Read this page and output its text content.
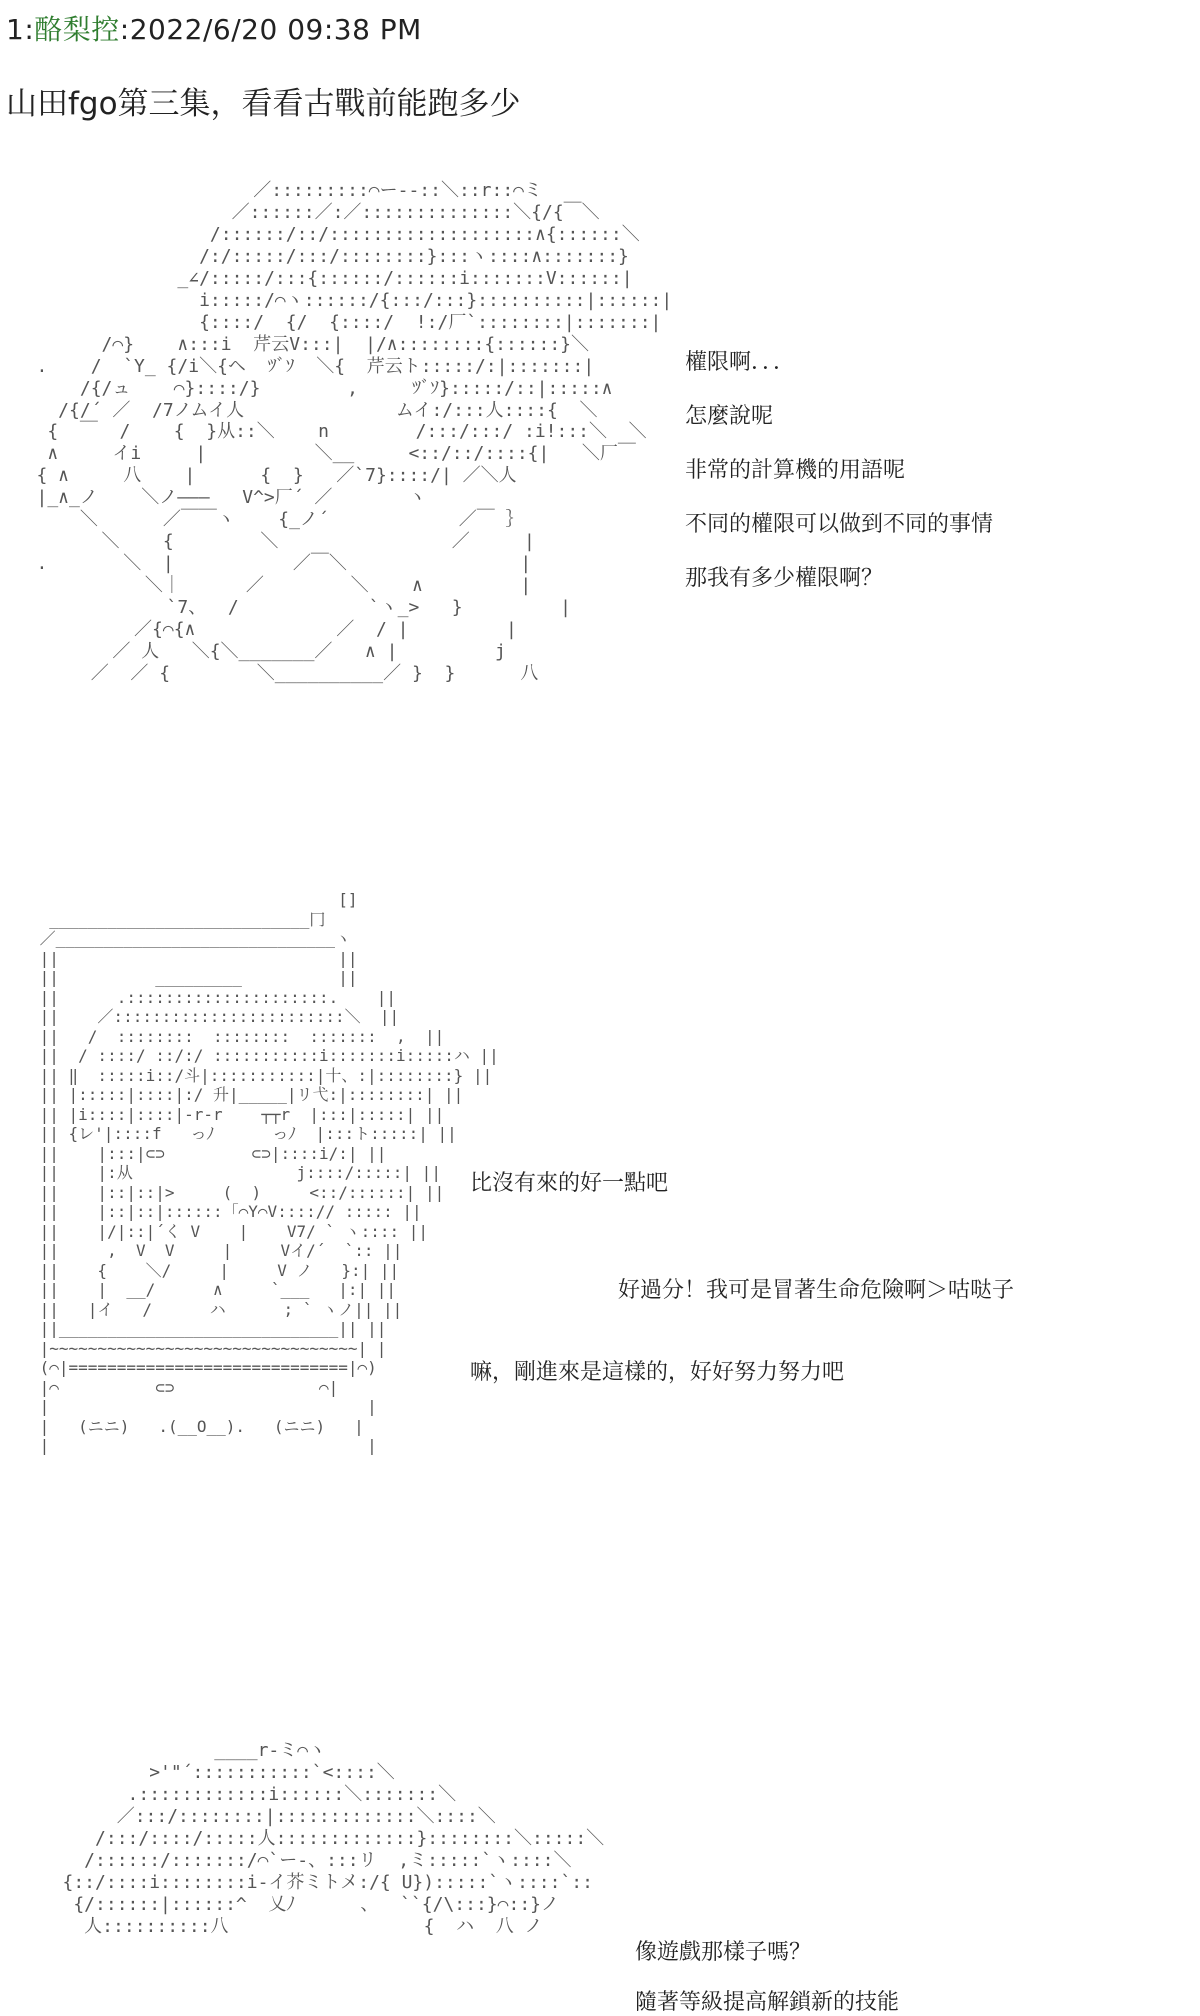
1:酪梨控:2022/6/20 09:38 PM
山田fgo第三集，看看古戰前能跑多少
／:::::::::⌒ー--::＼::r::⌒ミ
／::::::／:／::::::::::::::＼{/{￣＼
/::::::/::/:::::::::::::::::::∧{::::::＼
/:/:::::/:::/::::::::}:::ヽ::::∧:::::::}
_∠/:::::/:::{::::::/::::::i:::::::V::::::|
i:::::/⌒ヽ::::::/{:::/:::}::::::::::|::::::|
{::::/  {/  {::::/  !:/厂`::::::::|:::::::|
/⌒}    ∧:::i  芹云V:::|  |/∧::::::::{::::::}＼
.    /  `Y_ {/i＼{ヘ  ﾂﾞｿ  ＼{  芹云ト:::::/:|:::::::|
/{/ュ    ⌒}::::/}        ,     ﾂﾞｿ}:::::/::|:::::∧
/{/´ ／  /7ノムイ人              ムイ:/:::人::::{  ＼
{  ￣  /    {  }从::＼    n        /:::/:::/ :i!:::＼  ＼
∧     イi     |          ＼__     <::/::/::::{|   ＼厂￣
{ ∧     八    |      {  }   ／`7}::::/| ／＼人
|_∧_ノ    ＼ノ―――   V^>厂´ ／       ヽ
＼      ／￣￣ヽ    {_ノ´            ／￣ ｝
＼    {        ＼                ／     |
.       ＼  |           ／￣＼                |
＼｜      ／        ＼    ∧         |
`7、  /            `ヽ_>   }         |
／{⌒{∧             ／  / |         |
／ 人   ＼{＼_______／   ∧ |         j
／  ／ {        ＼__________／ }  }      八

權限啊．．．
怎麼說呢
非常的計算機的用語呢
不同的權限可以做到不同的事情
那我有多少權限啊？
[]
___________________________冂
／_____________________________ヽ
||                             ||
||          _________          ||
||      .:::::::::::::::::::::.    ||
||    ／::::::::::::::::::::::::＼  ||
||   /  ::::::::  ::::::::  :::::::  ,  ||
||  / ::::/ ::/:/ :::::::::::i:::::::i:::::ハ ||
|| ‖  :::::i::/斗|:::::::::::|十、:|::::::::} ||
|| |:::::|::::|:/ 升|_____|リ弋:|::::::::| ||
|| |i::::|::::|‐r‐r    ┬┬r  |:::|:::::| ||
|| {レ'|::::f   っﾉ      っﾉ  |:::ト:::::| ||
||    |:::|⊂⊃         ⊂⊃|::::i/:| ||
||    |:从                 j::::/:::::| ||
||    |::|::|>     (  )     <::/::::::| ||
||    |::|::|::::::「⌒Y⌒V::::// ::::: ||
||    |/|::|´く V    |    V7/ ` ヽ:::: ||
||     ,  V  V     |     Vイ/´  `:: ||
||    {    ＼/     |     V ノ   }:| ||
||    |  __/      ∧     `___   |:| ||
||   |イ   /      ハ      ; ` ヽノ|| ||
||_____________________________|| ||
|~~~~~~~~~~~~~~~~~~~~~~~~~~~~~~~~| |
(⌒|=============================|⌒)
|⌒          ⊂⊃               ⌒|
|                                 |
|   (ニニ)   .(__O__).   (ニニ)   |
|                                 |

比沒有來的好一點吧
好過分！我可是冒著生命危險啊＞咕哒子
嘛，剛進來是這樣的，好好努力努力吧
____r‐ミ⌒ヽ
>'"´:::::::::::`<::::＼
.::::::::::::i::::::＼:::::::＼
／:::/::::::::|:::::::::::::＼::::＼
/:::/::::/:::::人:::::::::::::}::::::::＼:::::＼
/::::::/:::::::/⌒`ー-、:::リ  ,ミ:::::`ヽ::::＼
{::/::::i::::::::i‐イ芥ミトメ:/{ U}):::::`ヽ::::`::
{/::::::|::::::^  乂ﾉ      、  ``{/\:::}⌒::}ノ
人::::::::::八                  {  ハ  八 ノ

像遊戲那樣子嗎？
隨著等級提高解鎖新的技能
